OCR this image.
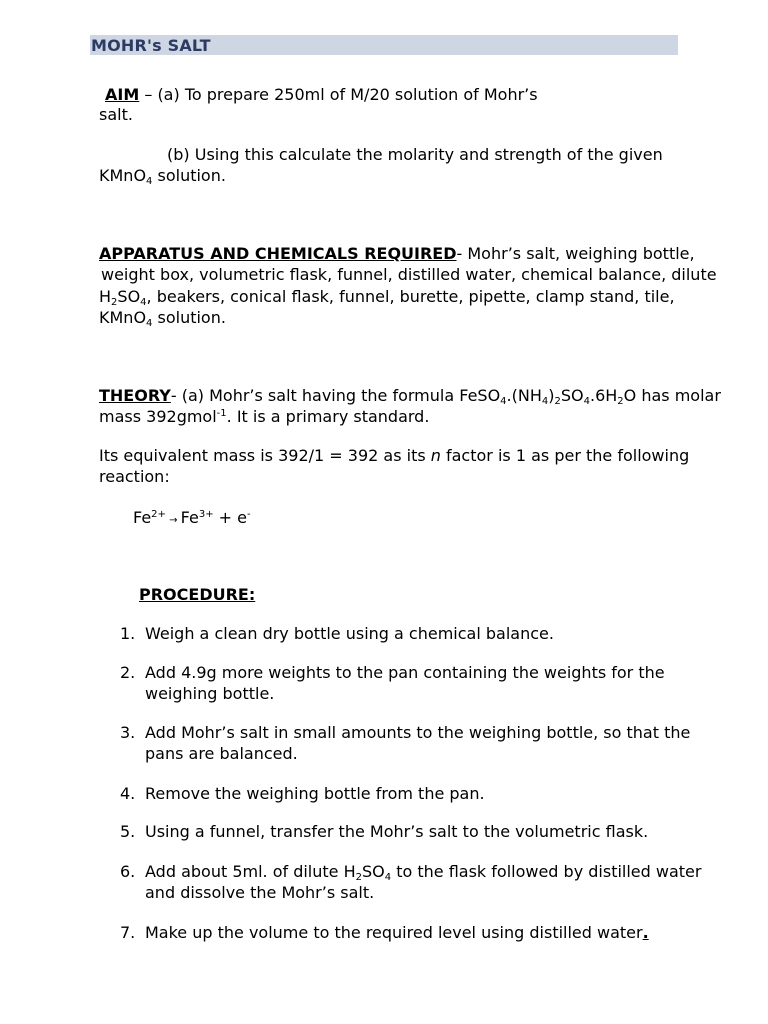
MOHR's SALT
AIM – (a) To prepare 250ml of M/20 solution of Mohr’s
salt.
(b) Using this calculate the molarity and strength of the given
KMnO$_4$ solution.
APPARATUS AND CHEMICALS REQUIRED- Mohr’s salt, weighing bottle,
weight box, volumetric flask, funnel, distilled water, chemical balance, dilute
$H_2SO_4$, beakers, conical flask, funnel, burette, pipette, clamp stand, tile,
KMnO$_4$ solution.
THEORY- (a) Mohr’s salt having the formula $FeSO_4.(NH_4)_2SO_4.6H_2O$ has molar
mass 392gmol$^{-1}$. It is a primary standard.
Its equivalent mass is 392/1 = 392 as its n factor is 1 as per the following
reaction:
$Fe^{2+} \to Fe^{3+} + e^-$
PROCEDURE:
1. Weigh a clean dry bottle using a chemical balance.
2. Add 4.9g more weights to the pan containing the weights for the
weighing bottle.
3. Add Mohr’s salt in small amounts to the weighing bottle, so that the
pans are balanced.
4. Remove the weighing bottle from the pan.
5. Using a funnel, transfer the Mohr’s salt to the volumetric flask.
6. Add about 5ml. of dilute $H_2SO_4$ to the flask followed by distilled water
and dissolve the Mohr’s salt.
7. Make up the volume to the required level using distilled water.
